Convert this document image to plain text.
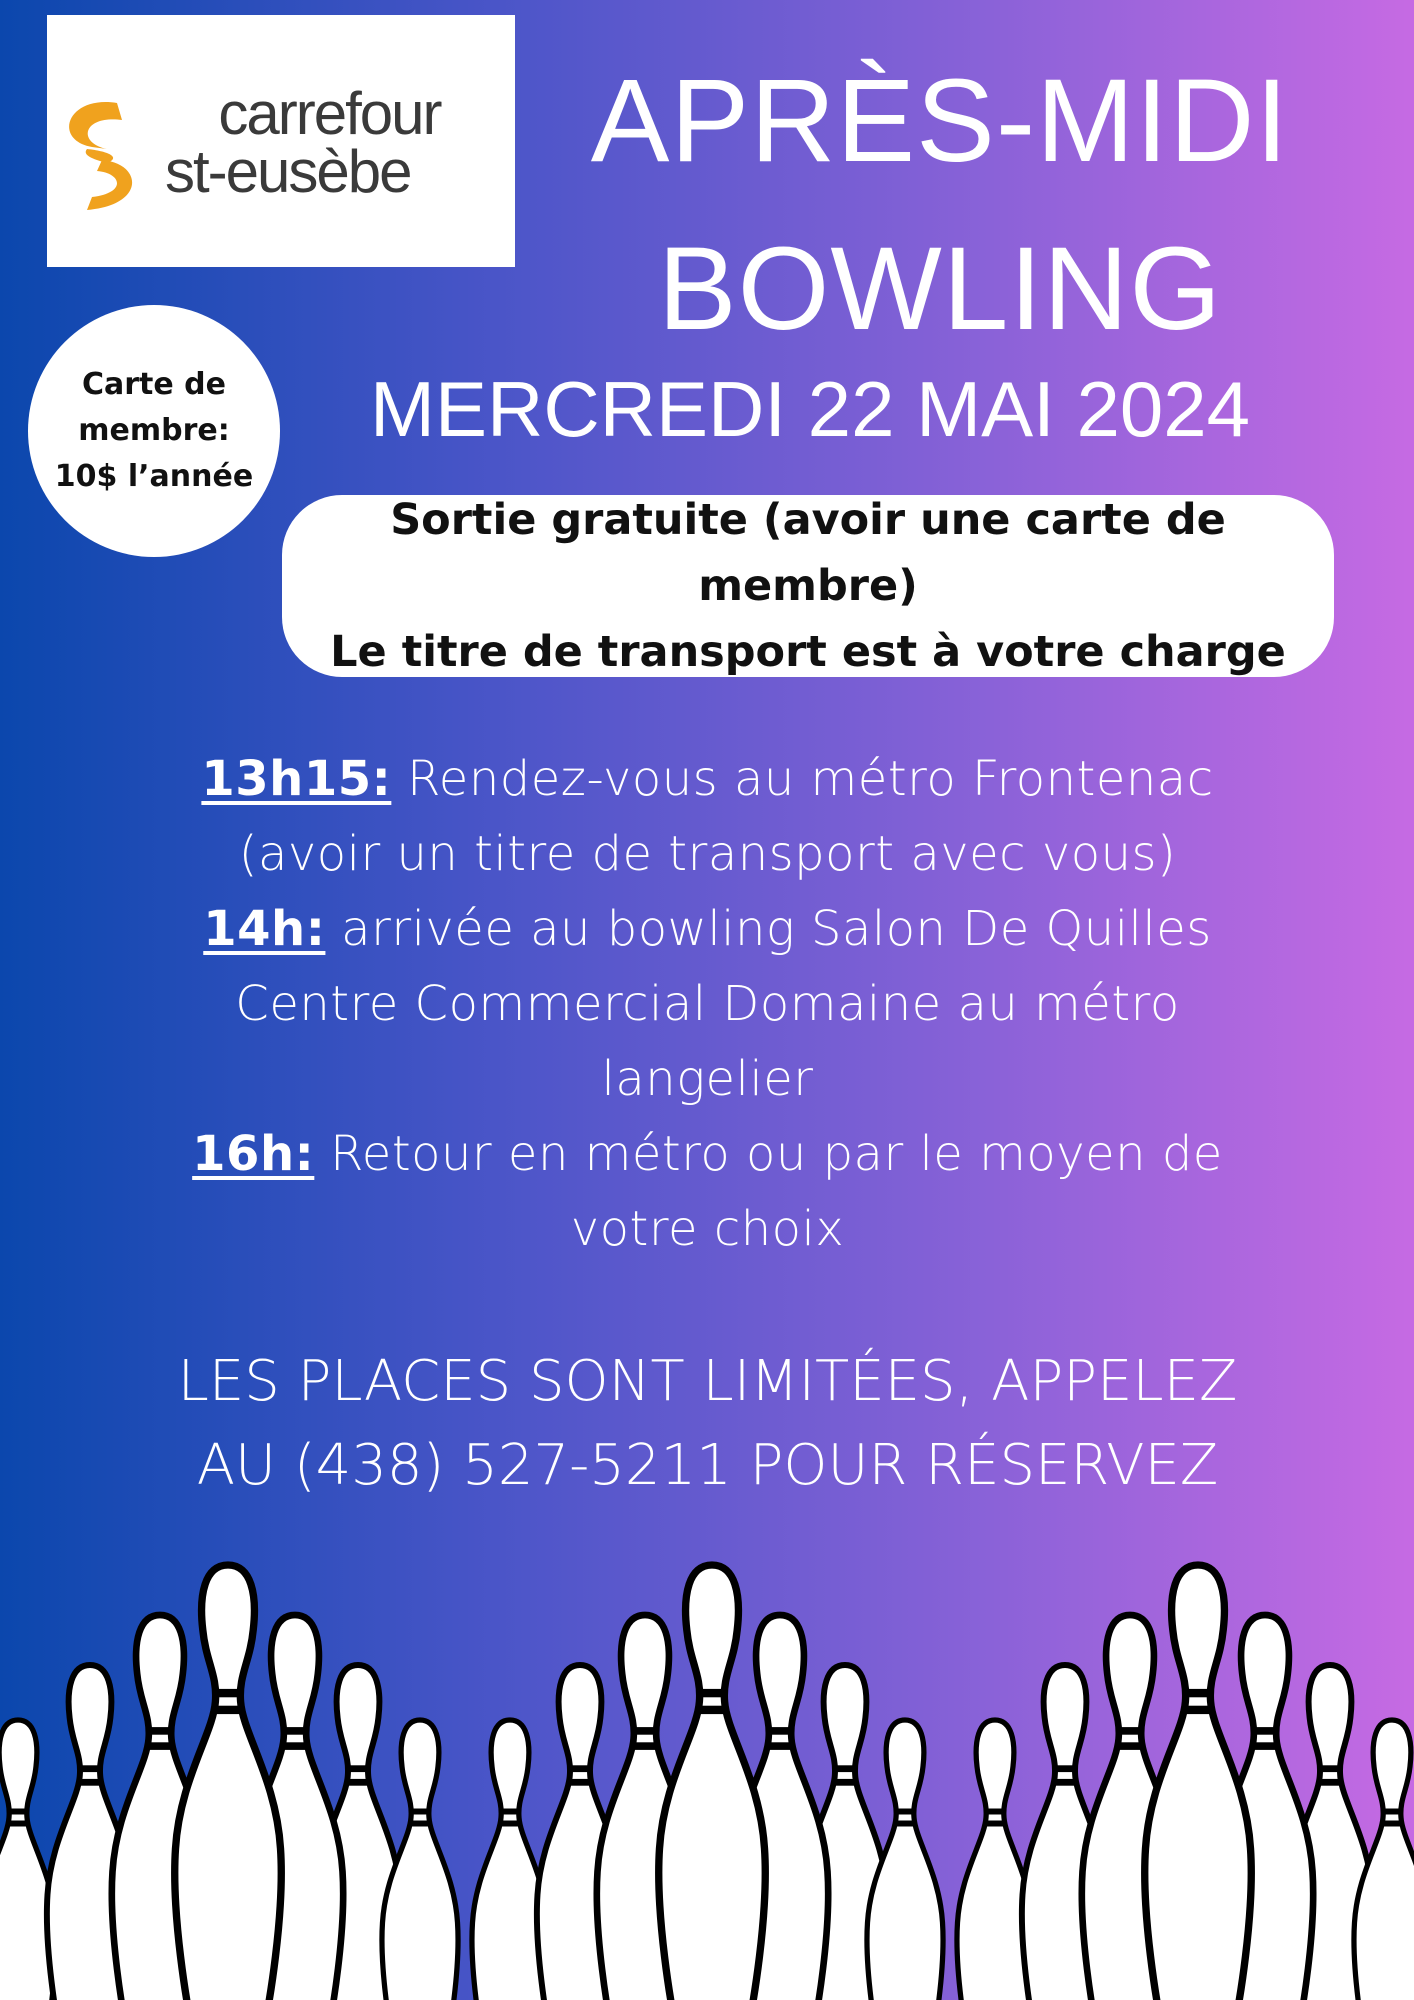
carrefour

st-eusèbe APRÈS-MIDI
BOWLING
MERCREDI 22 MAI 2024
Carte de
membre:
10$ l’année
Sortie gratuite (avoir une carte de membre)
Le titre de transport est à votre charge
13h15: Rendez-vous au métro Frontenac
(avoir un titre de transport avec vous)
14h: arrivée au bowling Salon De Quilles
Centre Commercial Domaine au métro
langelier
16h: Retour en métro ou par le moyen de
votre choix
LES PLACES SONT LIMITÉES, APPELEZ
AU (438) 527-5211 POUR RÉSERVEZ
